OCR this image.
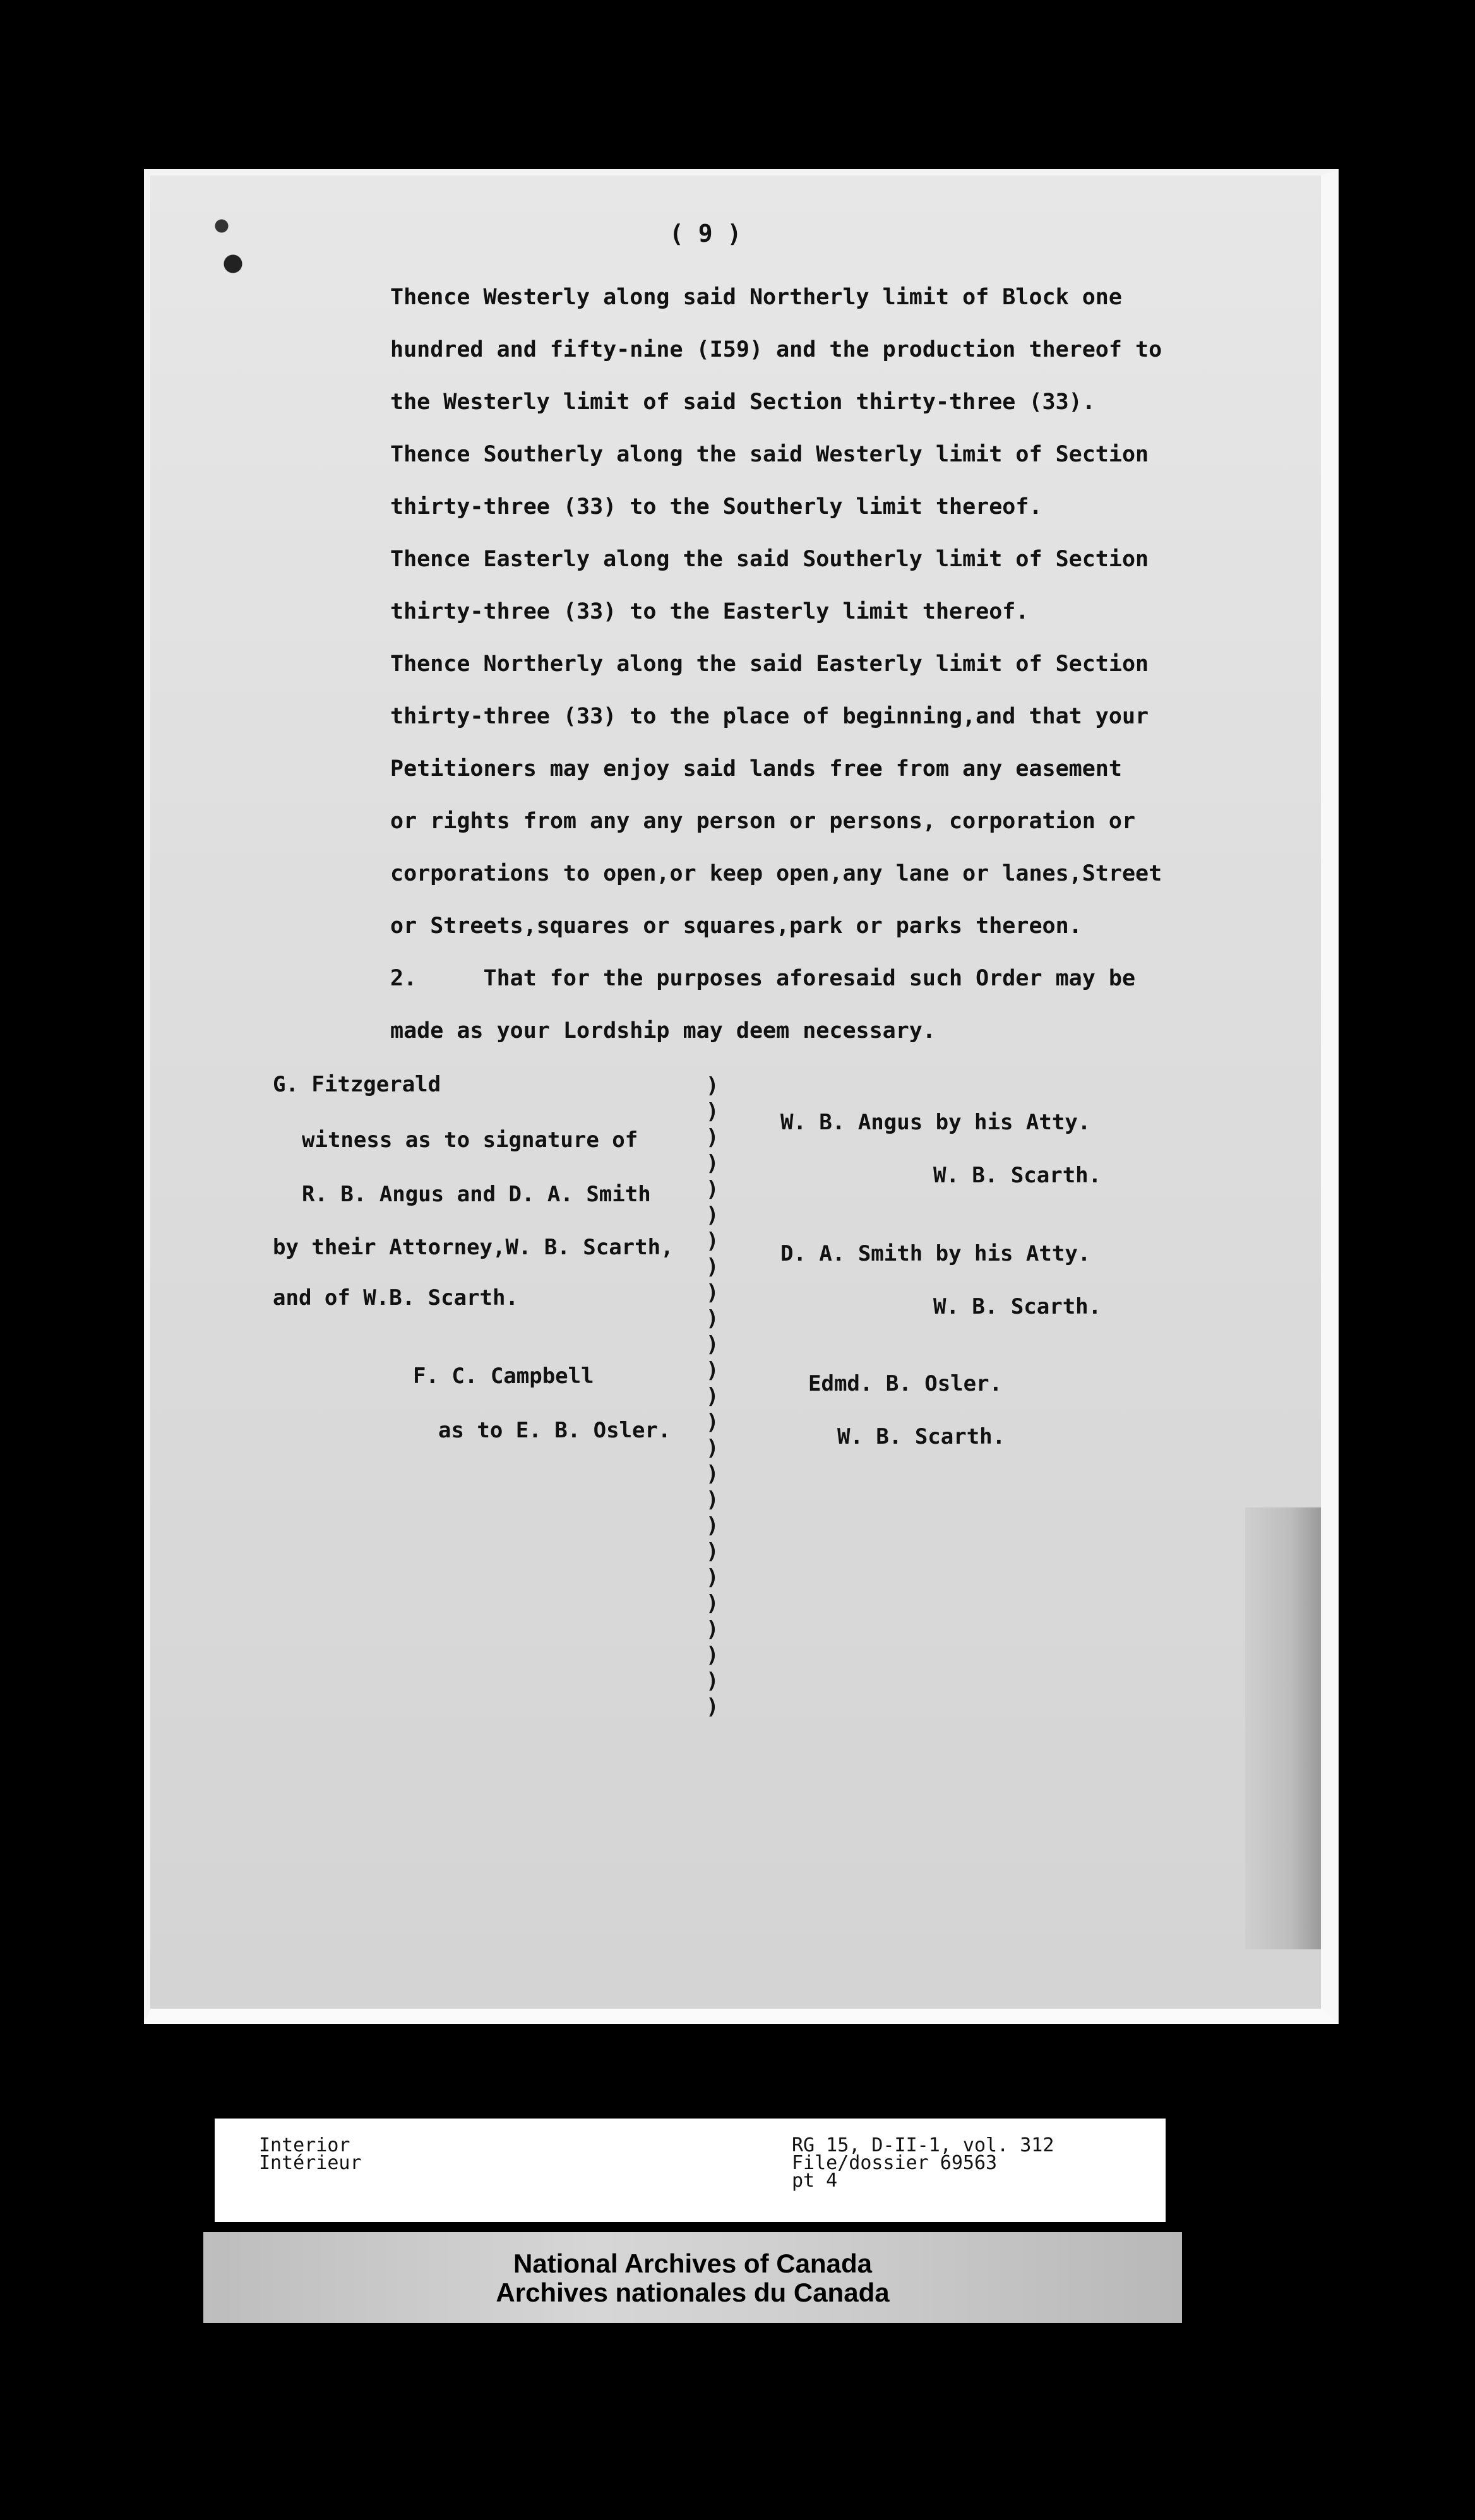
( 9 )
Thence Westerly along said Northerly limit of Block one
hundred and fifty-nine (I59) and the production thereof to
the Westerly limit of said Section thirty-three (33).
Thence Southerly along the said Westerly limit of Section
thirty-three (33) to the Southerly limit thereof.
Thence Easterly along the said Southerly limit of Section
thirty-three (33) to the Easterly limit thereof.
Thence Northerly along the said Easterly limit of Section
thirty-three (33) to the place of beginning,and that your
Petitioners may enjoy said lands free from any easement
or rights from any any person or persons, corporation or
corporations to open,or keep open,any lane or lanes,Street
or Streets,squares or squares,park or parks thereon.
2.     That for the purposes aforesaid such Order may be
made as your Lordship may deem necessary.
G. Fitzgerald
witness as to signature of
R. B. Angus and D. A. Smith
by their Attorney,W. B. Scarth,
and of W.B. Scarth.
F. C. Campbell
as to E. B. Osler.
)
)
)
)
)
)
)
)
)
)
)
)
)
)
)
)
)
)
)
)
)
)
)
)
)
W. B. Angus by his Atty.
W. B. Scarth.
D. A. Smith by his Atty.
W. B. Scarth.
Edmd. B. Osler.
W. B. Scarth.
Interior
Intérieur
RG 15, D-II-1, vol. 312
File/dossier 69563
pt 4
National Archives of Canada
Archives nationales du Canada
